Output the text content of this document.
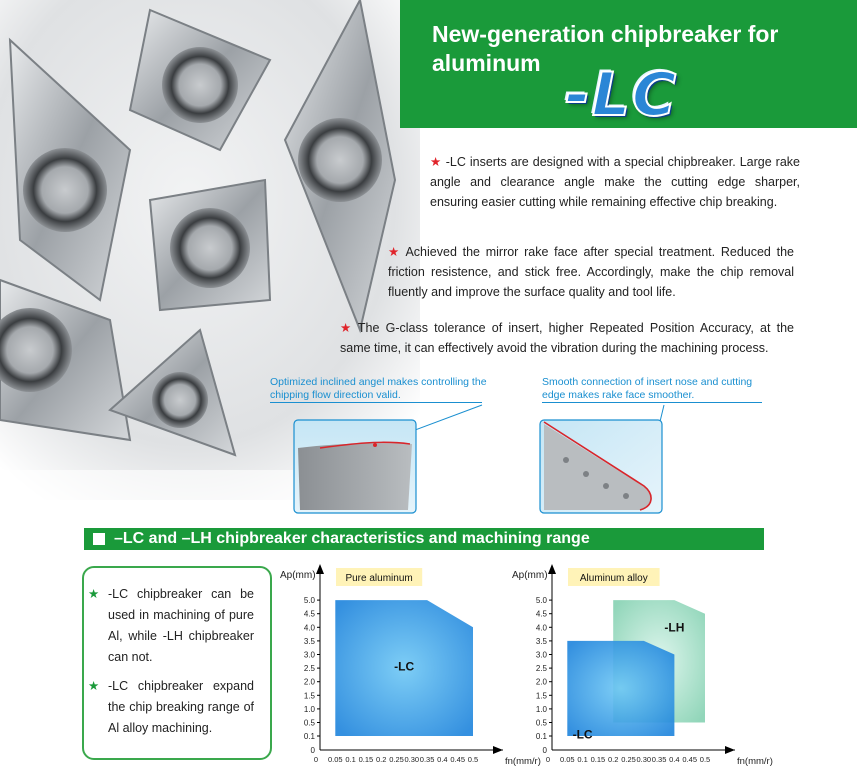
New-generation chipbreaker for aluminum -LC
★ -LC inserts are designed with a special chipbreaker. Large rake angle and clearance angle make the cutting edge sharper, ensuring easier cutting while remaining effective chip breaking.
★ Achieved the mirror rake face after special treatment. Reduced the friction resistence, and stick free. Accordingly, make the chip removal fluently and improve the surface quality and tool life.
★ The G-class tolerance of insert, higher Repeated Position Accuracy, at the same time, it can effectively avoid the vibration during the machining process.
Optimized inclined angel makes controlling the chipping flow direction valid.
Smooth connection of insert nose and cutting edge makes rake face smoother.
–LC and –LH chipbreaker characteristics and machining range
★ -LC chipbreaker can be used in machining of pure Al, while -LH chipbreaker can not.
★ -LC chipbreaker expand the chip breaking range of Al alloy machining.
-LC
0
0.1
0.5
1.0
1.5
2.0
2.5
3.0
3.5
4.0
4.5
5.0
0 0.05 0.1 0.15 0.2 0.25 0.30 0.35 0.4 0.45 0.5
Ap(mm)
fn(mm/r)
Pure aluminum
-LH
-LC
0
0.1
0.5
1.0
1.5
2.0
2.5
3.0
3.5
4.0
4.5
5.0
0 0.05 0.1 0.15 0.2 0.25 0.30 0.35 0.4 0.45 0.5
Ap(mm)
fn(mm/r)
Aluminum alloy
